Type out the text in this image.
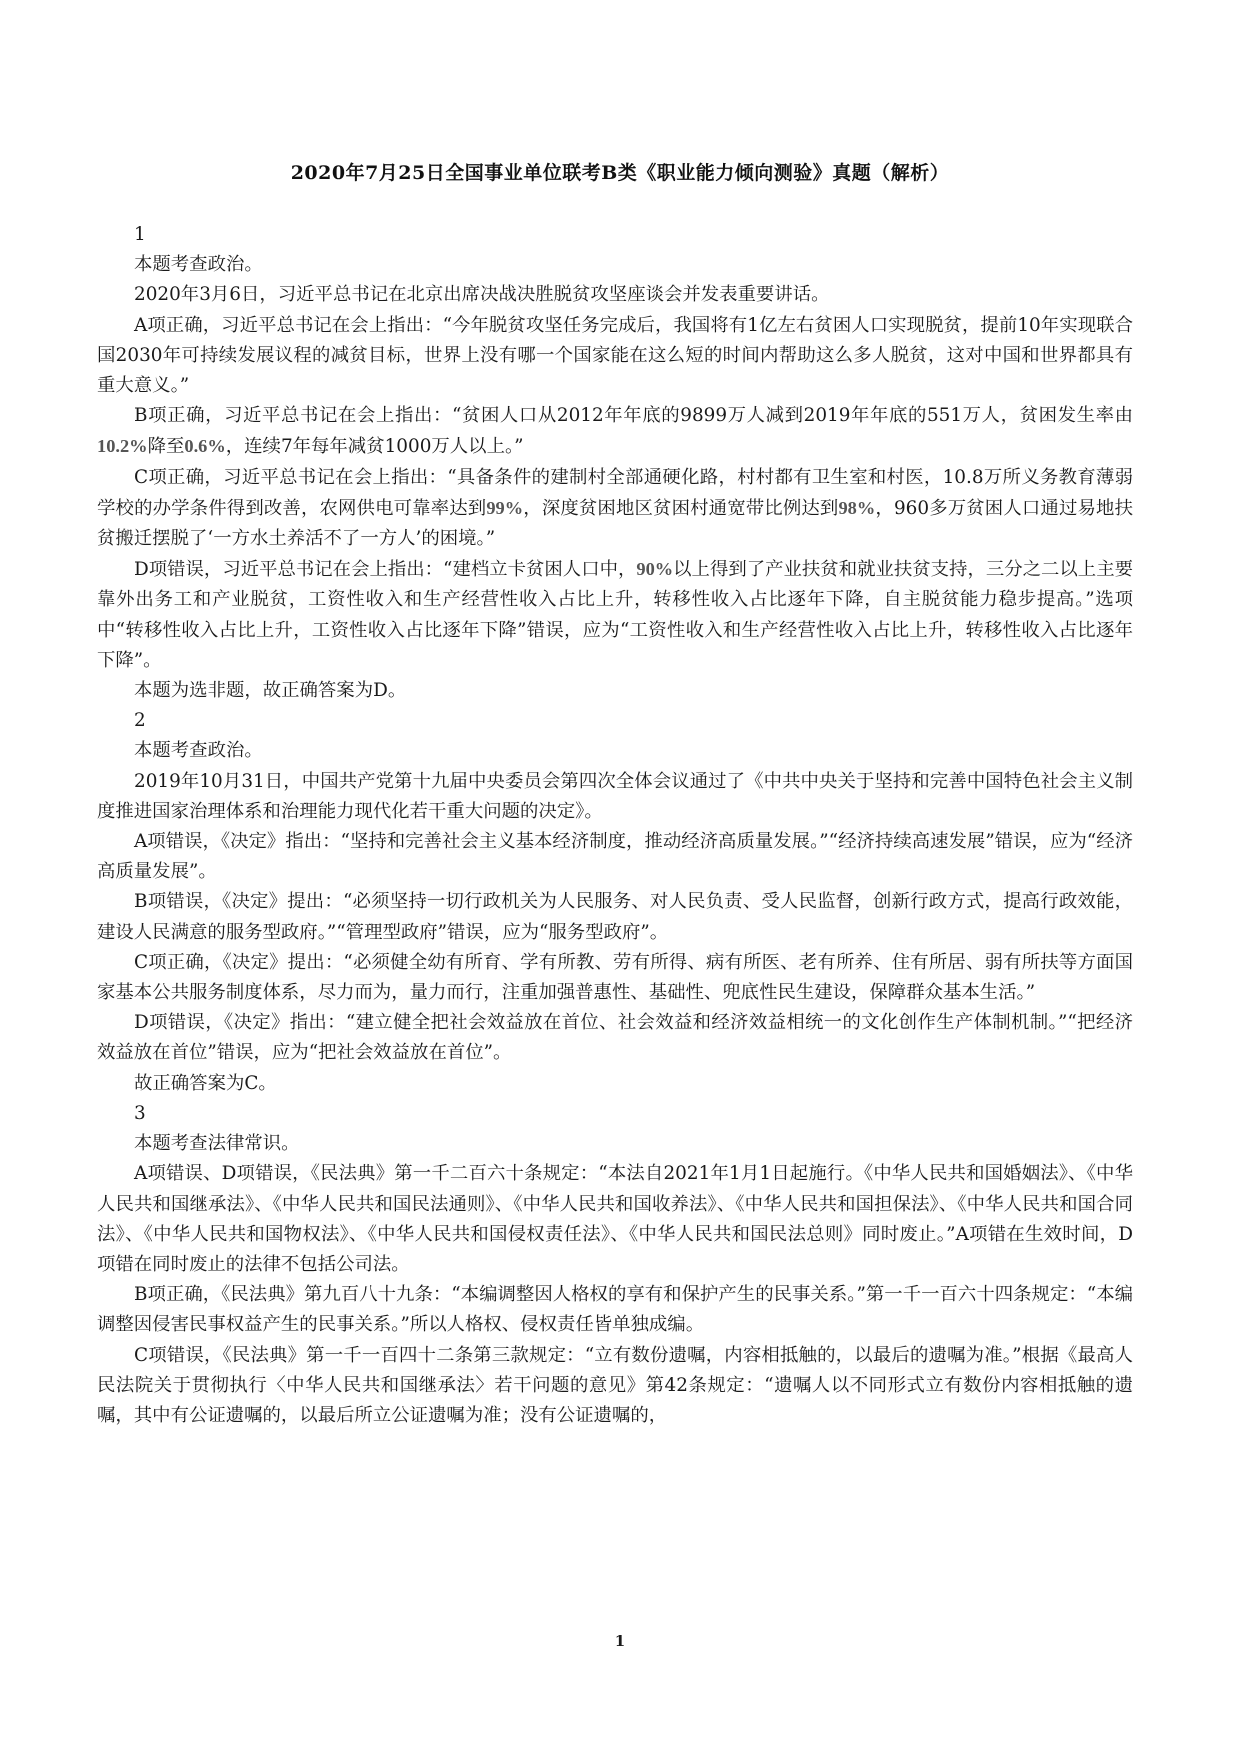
2020年7月25日全国事业单位联考B类《职业能力倾向测验》真题（解析）

1

本题考查政治。

2020年3月6日，习近平总书记在北京出席决战决胜脱贫攻坚座谈会并发表重要讲话。

A项正确，习近平总书记在会上指出：“今年脱贫攻坚任务完成后，我国将有1亿左右贫困人口实现脱贫，提前10年实现联合国2030年可持续发展议程的减贫目标，世界上没有哪一个国家能在这么短的时间内帮助这么多人脱贫，这对中国和世界都具有重大意义。”

B项正确，习近平总书记在会上指出：“贫困人口从2012年年底的9899万人减到2019年年底的551万人，贫困发生率由10.2%降至0.6%，连续7年每年减贫1000万人以上。”

C项正确，习近平总书记在会上指出：“具备条件的建制村全部通硬化路，村村都有卫生室和村医，10.8万所义务教育薄弱学校的办学条件得到改善，农网供电可靠率达到99%，深度贫困地区贫困村通宽带比例达到98%，960多万贫困人口通过易地扶贫搬迁摆脱了‘一方水土养活不了一方人’的困境。”

D项错误，习近平总书记在会上指出：“建档立卡贫困人口中，90%以上得到了产业扶贫和就业扶贫支持，三分之二以上主要靠外出务工和产业脱贫，工资性收入和生产经营性收入占比上升，转移性收入占比逐年下降，自主脱贫能力稳步提高。”选项中“转移性收入占比上升，工资性收入占比逐年下降”错误，应为“工资性收入和生产经营性收入占比上升，转移性收入占比逐年下降”。

本题为选非题，故正确答案为D。

2

本题考查政治。

2019年10月31日，中国共产党第十九届中央委员会第四次全体会议通过了《中共中央关于坚持和完善中国特色社会主义制度推进国家治理体系和治理能力现代化若干重大问题的决定》。

A项错误，《决定》指出：“坚持和完善社会主义基本经济制度，推动经济高质量发展。”“经济持续高速发展”错误，应为“经济高质量发展”。

B项错误，《决定》提出：“必须坚持一切行政机关为人民服务、对人民负责、受人民监督，创新行政方式，提高行政效能，建设人民满意的服务型政府。”“管理型政府”错误，应为“服务型政府”。

C项正确，《决定》提出：“必须健全幼有所育、学有所教、劳有所得、病有所医、老有所养、住有所居、弱有所扶等方面国家基本公共服务制度体系，尽力而为，量力而行，注重加强普惠性、基础性、兜底性民生建设，保障群众基本生活。”

D项错误，《决定》指出：“建立健全把社会效益放在首位、社会效益和经济效益相统一的文化创作生产体制机制。”“把经济效益放在首位”错误，应为“把社会效益放在首位”。

故正确答案为C。

3

本题考查法律常识。

A项错误、D项错误，《民法典》第一千二百六十条规定：“本法自2021年1月1日起施行。《中华人民共和国婚姻法》、《中华人民共和国继承法》、《中华人民共和国民法通则》、《中华人民共和国收养法》、《中华人民共和国担保法》、《中华人民共和国合同法》、《中华人民共和国物权法》、《中华人民共和国侵权责任法》、《中华人民共和国民法总则》同时废止。”A项错在生效时间，D项错在同时废止的法律不包括公司法。

B项正确，《民法典》第九百八十九条：“本编调整因人格权的享有和保护产生的民事关系。”第一千一百六十四条规定：“本编调整因侵害民事权益产生的民事关系。”所以人格权、侵权责任皆单独成编。

C项错误，《民法典》第一千一百四十二条第三款规定：“立有数份遗嘱，内容相抵触的，以最后的遗嘱为准。”根据《最高人民法院关于贯彻执行〈中华人民共和国继承法〉若干问题的意见》第42条规定：“遗嘱人以不同形式立有数份内容相抵触的遗嘱，其中有公证遗嘱的，以最后所立公证遗嘱为准；没有公证遗嘱的，

1
